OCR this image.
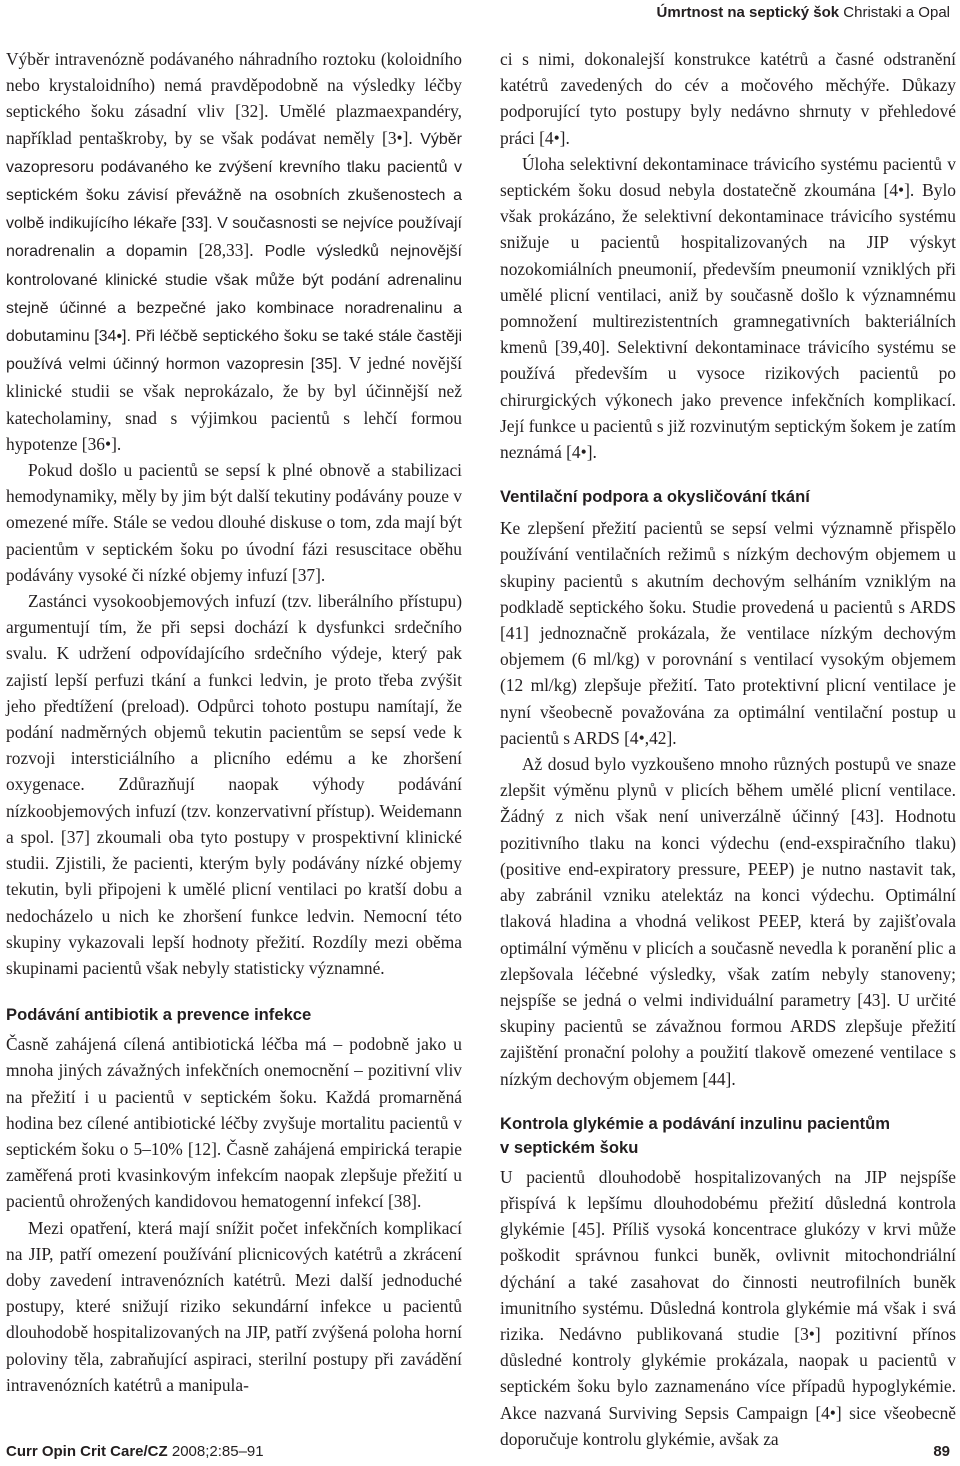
Úmrtnost na septický šok Christaki a Opal

Výběr intravenózně podávaného náhradního roztoku (koloidního nebo krystaloidního) nemá pravděpodobně na výsledky léčby septického šoku zásadní vliv [32]. Umělé plazmaexpandéry, například pentaškroby, by se však podávat neměly [3•]. Výběr vazopresoru podávaného ke zvýšení krevního tlaku pacientů v septickém šoku závisí převážně na osobních zkušenostech a volbě indikujícího lékaře [33]. V současnosti se nejvíce používají noradrenalin a dopamin [28,33]. Podle výsledků nejnovější kontrolované klinické studie však může být podání adrenalinu stejně účinné a bezpečné jako kombinace noradrenalinu a dobutaminu [34•]. Při léčbě septického šoku se také stále častěji používá velmi účinný hormon vazopresin [35]. V jedné novější klinické studii se však neprokázalo, že by byl účinnější než katecholaminy, snad s výjimkou pacientů s lehčí formou hypotenze [36•].

Pokud došlo u pacientů se sepsí k plné obnově a stabilizaci hemodynamiky, měly by jim být další tekutiny podávány pouze v omezené míře. Stále se vedou dlouhé diskuse o tom, zda mají být pacientům v septickém šoku po úvodní fázi resuscitace oběhu podávány vysoké či nízké objemy infuzí [37].

Zastánci vysokoobjemových infuzí (tzv. liberálního přístupu) argumentují tím, že při sepsi dochází k dysfunkci srdečního svalu. K udržení odpovídajícího srdečního výdeje, který pak zajistí lepší perfuzi tkání a funkci ledvin, je proto třeba zvýšit jeho předtížení (preload). Odpůrci tohoto postupu namítají, že podání nadměrných objemů tekutin pacientům se sepsí vede k rozvoji intersticiálního a plicního edému a ke zhoršení oxygenace. Zdůrazňují naopak výhody podávání nízkoobjemových infuzí (tzv. konzervativní přístup). Weidemann a spol. [37] zkoumali oba tyto postupy v prospektivní klinické studii. Zjistili, že pacienti, kterým byly podávány nízké objemy tekutin, byli připojeni k umělé plicní ventilaci po kratší dobu a nedocházelo u nich ke zhoršení funkce ledvin. Nemocní této skupiny vykazovali lepší hodnoty přežití. Rozdíly mezi oběma skupinami pacientů však nebyly statisticky významné.

Podávání antibiotik a prevence infekce

Časně zahájená cílená antibiotická léčba má – podobně jako u mnoha jiných závažných infekčních onemocnění – pozitivní vliv na přežití i u pacientů v septickém šoku. Každá promarněná hodina bez cílené antibiotické léčby zvyšuje mortalitu pacientů v septickém šoku o 5–10% [12]. Časně zahájená empirická terapie zaměřená proti kvasinkovým infekcím naopak zlepšuje přežití u pacientů ohrožených kandidovou hematogenní infekcí [38].

Mezi opatření, která mají snížit počet infekčních komplikací na JIP, patří omezení používání plicnicových katétrů a zkrácení doby zavedení intravenózních katétrů. Mezi další jednoduché postupy, které snižují riziko sekundární infekce u pacientů dlouhodobě hospitalizovaných na JIP, patří zvýšená poloha horní poloviny těla, zabraňující aspiraci, sterilní postupy při zavádění intravenózních katétrů a manipula-

ci s nimi, dokonalejší konstrukce katétrů a časné odstranění katétrů zavedených do cév a močového měchýře. Důkazy podporující tyto postupy byly nedávno shrnuty v přehledové práci [4•].

Úloha selektivní dekontaminace trávicího systému pacientů v septickém šoku dosud nebyla dostatečně zkoumána [4•]. Bylo však prokázáno, že selektivní dekontaminace trávicího systému snižuje u pacientů hospitalizovaných na JIP výskyt nozokomiálních pneumonií, především pneumonií vzniklých při umělé plicní ventilaci, aniž by současně došlo k významnému pomnožení multirezistentních gramnegativních bakteriálních kmenů [39,40]. Selektivní dekontaminace trávicího systému se používá především u vysoce rizikových pacientů po chirurgických výkonech jako prevence infekčních komplikací. Její funkce u pacientů s již rozvinutým septickým šokem je zatím neznámá [4•].

Ventilační podpora a okysličování tkání

Ke zlepšení přežití pacientů se sepsí velmi významně přispělo používání ventilačních režimů s nízkým dechovým objemem u skupiny pacientů s akutním dechovým selháním vzniklým na podkladě septického šoku. Studie provedená u pacientů s ARDS [41] jednoznačně prokázala, že ventilace nízkým dechovým objemem (6 ml/kg) v porovnání s ventilací vysokým objemem (12 ml/kg) zlepšuje přežití. Tato protektivní plicní ventilace je nyní všeobecně považována za optimální ventilační postup u pacientů s ARDS [4•,42].

Až dosud bylo vyzkoušeno mnoho různých postupů ve snaze zlepšit výměnu plynů v plicích během umělé plicní ventilace. Žádný z nich však není univerzálně účinný [43]. Hodnotu pozitivního tlaku na konci výdechu (end-exspiračního tlaku) (positive end-expiratory pressure, PEEP) je nutno nastavit tak, aby zabránil vzniku atelektáz na konci výdechu. Optimální tlaková hladina a vhodná velikost PEEP, která by zajišťovala optimální výměnu v plicích a současně nevedla k poranění plic a zlepšovala léčebné výsledky, však zatím nebyly stanoveny; nejspíše se jedná o velmi individuální parametry [43]. U určité skupiny pacientů se závažnou formou ARDS zlepšuje přežití zajištění pronační polohy a použití tlakově omezené ventilace s nízkým dechovým objemem [44].

Kontrola glykémie a podávání inzulinu pacientům
v septickém šoku

U pacientů dlouhodobě hospitalizovaných na JIP nejspíše přispívá k lepšímu dlouhodobému přežití důsledná kontrola glykémie [45]. Příliš vysoká koncentrace glukózy v krvi může poškodit správnou funkci buněk, ovlivnit mitochondriální dýchání a také zasahovat do činnosti neutrofilních buněk imunitního systému. Důsledná kontrola glykémie má však i svá rizika. Nedávno publikovaná studie [3•] pozitivní přínos důsledné kontroly glykémie prokázala, naopak u pacientů v septickém šoku bylo zaznamenáno více případů hypoglykémie. Akce nazvaná Surviving Sepsis Campaign [4•] sice všeobecně doporučuje kontrolu glykémie, avšak za

Curr Opin Crit Care/CZ 2008;2:85–91	89
